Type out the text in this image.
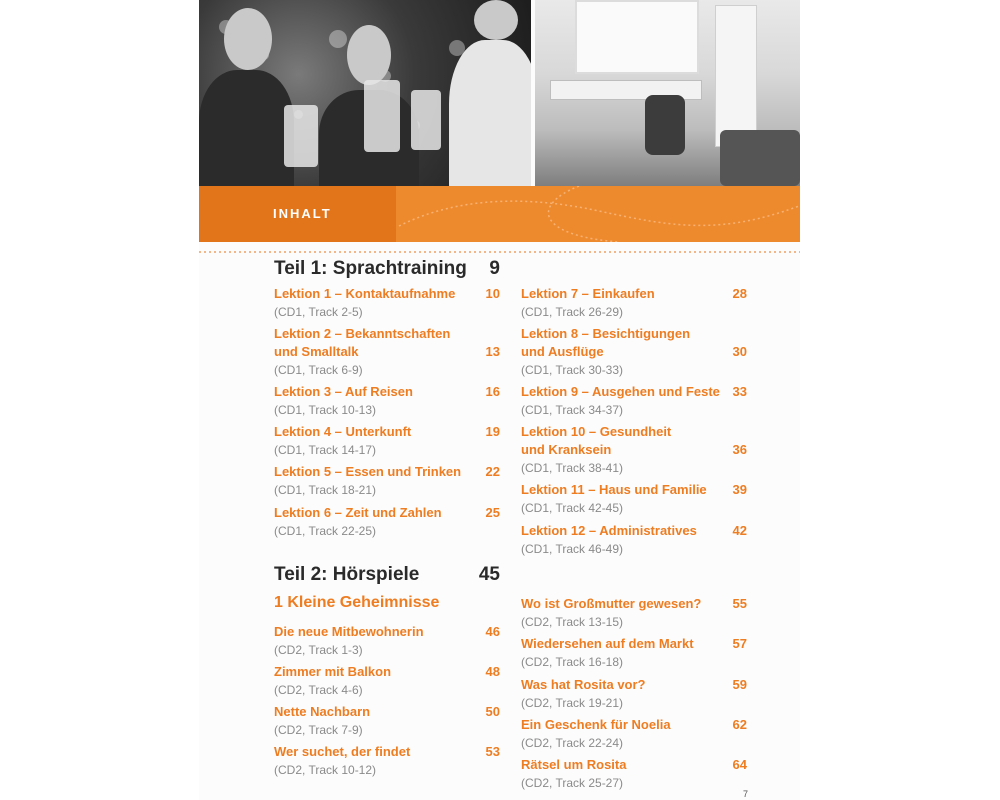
INHALT
Teil 1: Sprachtraining 9
Lektion 1 – Kontaktaufnahme	10
(CD1, Track 2-5)
Lektion 2 – Bekanntschaften
und Smalltalk	13
(CD1, Track 6-9)
Lektion 3 – Auf Reisen	16
(CD1, Track 10-13)
Lektion 4 – Unterkunft	19
(CD1, Track 14-17)
Lektion 5 – Essen und Trinken	22
(CD1, Track 18-21)
Lektion 6 – Zeit und Zahlen	25
(CD1, Track 22-25)
Lektion 7 – Einkaufen	28
(CD1, Track 26-29)
Lektion 8 – Besichtigungen
und Ausflüge	30
(CD1, Track 30-33)
Lektion 9 – Ausgehen und Feste 33
(CD1, Track 34-37)
Lektion 10 – Gesundheit
und Kranksein	36
(CD1, Track 38-41)
Lektion 11 – Haus und Familie	39
(CD1, Track 42-45)
Lektion 12 – Administratives	42
(CD1, Track 46-49)
Teil 2: Hörspiele	45
1 Kleine Geheimnisse
Die neue Mitbewohnerin	46
(CD2, Track 1-3)
Zimmer mit Balkon	48
(CD2, Track 4-6)
Nette Nachbarn	50
(CD2, Track 7-9)
Wer suchet, der findet	53
(CD2, Track 10-12)
Wo ist Großmutter gewesen?	55
(CD2, Track 13-15)
Wiedersehen auf dem Markt	57
(CD2, Track 16-18)
Was hat Rosita vor?	59
(CD2, Track 19-21)
Ein Geschenk für Noelia	62
(CD2, Track 22-24)
Rätsel um Rosita	64
(CD2, Track 25-27)
7
